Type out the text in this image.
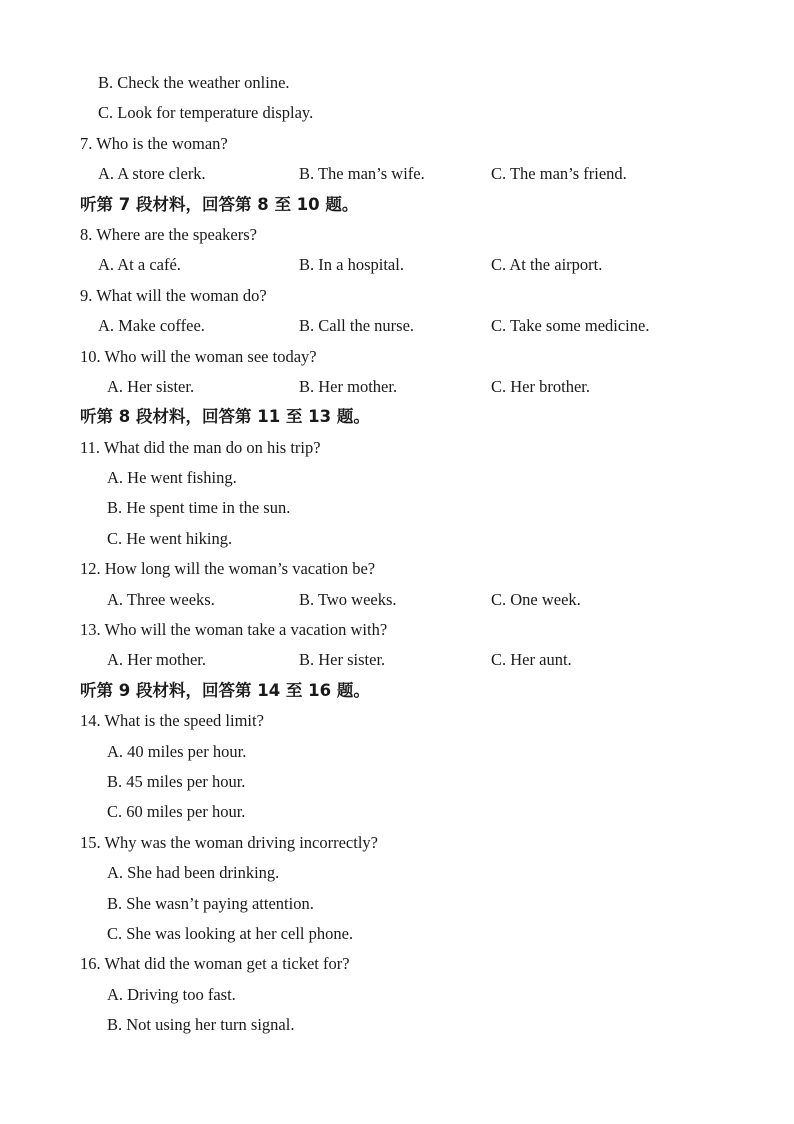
B. Check the weather online.
C. Look for temperature display.
7. Who is the woman?
A. A store clerk.	B. The man’s wife.	C. The man’s friend.
听第 7 段材料，回答第 8 至 10 题。
8. Where are the speakers?
A. At a café.	B. In a hospital.	C. At the airport.
9. What will the woman do?
A. Make coffee.	B. Call the nurse.	C. Take some medicine.
10. Who will the woman see today?
A. Her sister.	B. Her mother.	C. Her brother.
听第 8 段材料，回答第 11 至 13 题。
11. What did the man do on his trip?
A. He went fishing.
B. He spent time in the sun.
C. He went hiking.
12. How long will the woman’s vacation be?
A. Three weeks.	B. Two weeks.	C. One week.
13. Who will the woman take a vacation with?
A. Her mother.	B. Her sister.	C. Her aunt.
听第 9 段材料，回答第 14 至 16 题。
14. What is the speed limit?
A. 40 miles per hour.
B. 45 miles per hour.
C. 60 miles per hour.
15. Why was the woman driving incorrectly?
A. She had been drinking.
B. She wasn’t paying attention.
C. She was looking at her cell phone.
16. What did the woman get a ticket for?
A. Driving too fast.
B. Not using her turn signal.
